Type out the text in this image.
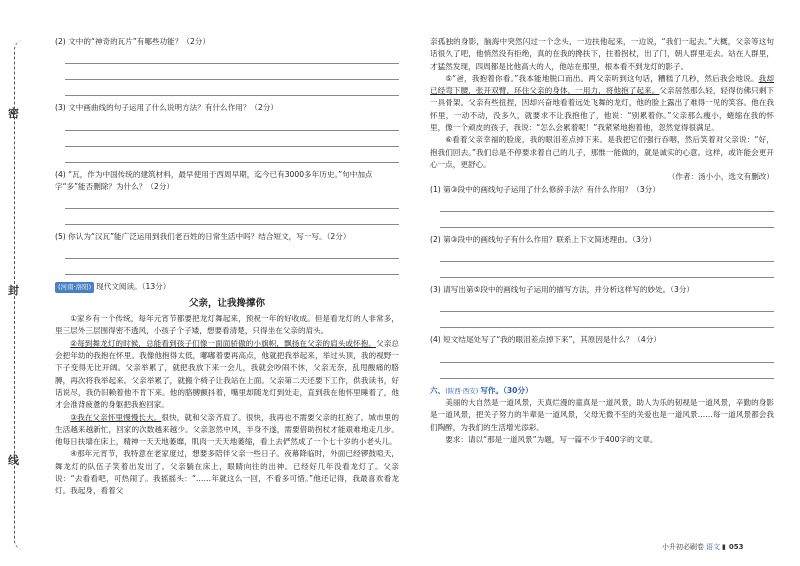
密
封
线

(2) 文中的“神奇的瓦片”有哪些功能？（2分）

(3) 文中画曲线的句子运用了什么说明方法？有什么作用？（2分）

(4) “瓦，作为中国传统的建筑材料，最早使用于西周早期，迄今已有3000多年历史。”句中加点字“多”能否删除？为什么？（2分）

(5) 你认为“汉瓦”能广泛运用到我们老百姓的日常生活中吗？结合短文，写一写。（2分）

(河南·洛阳) 现代文阅读。（13分）

父亲，让我搀撑你

①家乡有一个传统，每年元宵节都要把龙灯舞起来，预祝一年的好收成。但是看龙灯的人非常多，里三层外三层围得密不透风，小孩子个子矮，想要看清楚，只得坐在父亲的肩头。

②每到舞龙灯的时候，总能看到孩子们像一面面骄傲的小旗帜，飘扬在父亲的肩头或怀抱。父亲总会把年幼的我抱在怀里。我像他抱得太低，嘟嘟着要再高点，他就把我举起来，举过头顶，我的视野一下子变得无比开阔。父亲举累了，就把我放下来一会儿，我就会吵闹不休，父亲无奈，乱甩酸痛的胳膊，再次将我举起来。父亲举累了，就搬个椅子让我站在上面。父亲第二天还要下工作，供我读书，好话说尽，我仍旧赖着他不肯下来。他的胳膊颤抖着，嘴里却随龙灯到处走，直到我在他怀里睡着了，他才会准背疲惫的身躯把我抱回家。

③我在父亲怀里慢慢长大。很快，就和父亲齐肩了。很快，我再也不需要父亲的扛抱了。城市里的生活越来越新忙，回家的次数越来越少。父亲忽然中风，半身不遂，需要借助拐杖才能艰难地走几步。他每日扶墙在床上，精神一天天地萎靡，肌肉一天天地萎缩，看上去俨然成了一个七十岁的小老头儿。

④那年元宵节，我特意在老家度过，想要多陪伴父亲一些日子。夜幕降临时，外面已经锣鼓喧天，舞龙灯的队伍子笑着出发出了。父亲躺在床上，眼睛向往的出神。已经好几年没看龙灯了。父亲说：“去看看吧，可热闹了。我摇摇头：“……年就这么一回，不看多可惜。”他还记得，我最喜欢看龙灯。我起身，看着父

亲孤独的身影，脑海中突然闪过一个念头，一边扶他起来，一边说，“我们一起去。”大概，父亲等这句话很久了吧，他悄然没有拒绝，真的在我的搀扶下，拄着拐杖，出了门，朝人群里走去。站在人群里，才猛然发现，四周都是比他高大的人，他站在那里，根本看不到龙灯的影子。

⑤“爸，我抱着你看。”我本能地脱口而出。两父亲听到这句话，糟糕了几秒，然后我会地说。我却已经弯下腰，张开双臂，环住父亲的身体，一用力，将他抱了起来。父亲居然那么轻，轻得仿佛只剩下一具骨架。父亲有些扭捏，因却兴奋地看着远处飞舞的龙灯，他的脸上露出了难得一见的笑容。他在我怀里，一动不动，没多久，就要求不让我抱他了，他说：“别累着你。”父亲那么瘦小，蜷缩在我的怀里，像一个顽皮的孩子，我说：“怎么会累着呢！”我紧紧地抱着他，忽然觉得很满足。

⑥看着父亲幸福的脸庞，我的眼泪差点掉下来。是我把它们强行吞咽，然后笑着对父亲说：“好，抱我们回去。”我们总是不停要求着自己的儿子，那惟一能做的，就是诚实的心意。这样，或许能会更开心一点，更舒心。

（作者：汤小小，选文有删改）

(1) 第③段中的画线句子运用了什么修辞手法？有什么作用？（3分）

(2) 第③段中的画线句子有什么作用？联系上下文简述理由。（3分）

(3) 请写出第⑤段中的画线句子运用的描写方法，并分析这样写的妙处。（3分）

(4) 短文结尾处写了“我的眼泪差点掉下来”，其原因是什么？（4分）

六、(陕西·西安) 写作。（30分）

美丽的大自然是一道风景，天真烂漫的童真是一道风景，助人为乐的韧视是一道风景，辛勤的身影是一道风景，把关子努力的半辈是一道风景，父母无微不至的关爱也是一道风景……每一道风景都会我们陶醉，为我们的生活增光添彩。

要求：请以“那是一道风景”为题，写一篇不少于400字的文章。

小升初必刷卷 语文 ▮ 053
